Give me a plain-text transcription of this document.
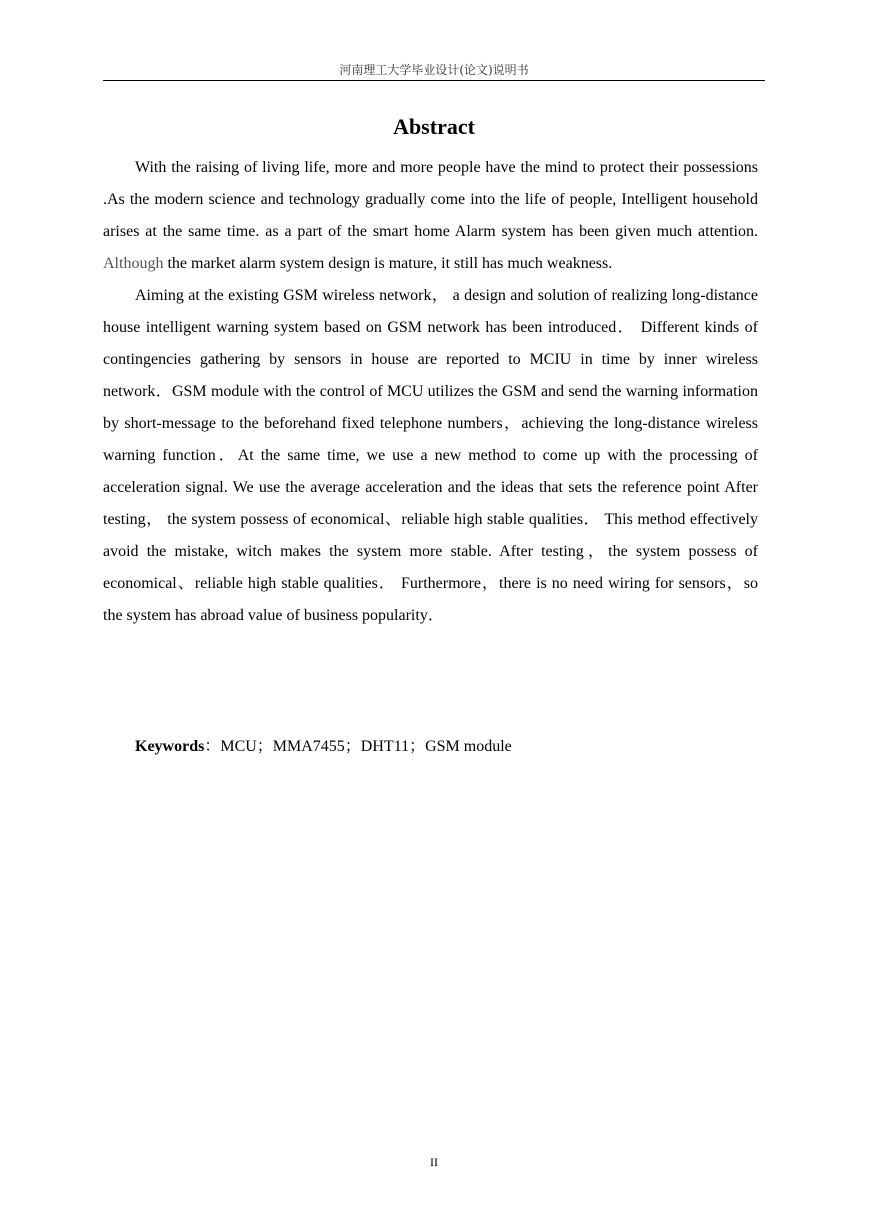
河南理工大学毕业设计(论文)说明书
Abstract

With the raising of living life, more and more people have the mind to protect their possessions .As the modern science and technology gradually come into the life of people, Intelligent household arises at the same time. as a part of the smart home Alarm system has been given much attention. Although the market alarm system design is mature, it still has much weakness.

Aiming at the existing GSM wireless network， a design and solution of realizing long-distance house intelligent warning system based on GSM network has been introduced． Different kinds of contingencies gathering by sensors in house are reported to MCIU in time by inner wireless network．GSM module with the control of MCU utilizes the GSM and send the warning information by short-message to the beforehand fixed telephone numbers，achieving the long-distance wireless warning function．At the same time, we use a new method to come up with the processing of acceleration signal. We use the average acceleration and the ideas that sets the reference point After testing， the system possess of economical、reliable high stable qualities． This method effectively avoid the mistake, witch makes the system more stable. After testing，the system possess of economical、reliable high stable qualities． Furthermore，there is no need wiring for sensors，so the system has abroad value of business popularity．

Keywords：MCU；MMA7455；DHT11；GSM module
II
